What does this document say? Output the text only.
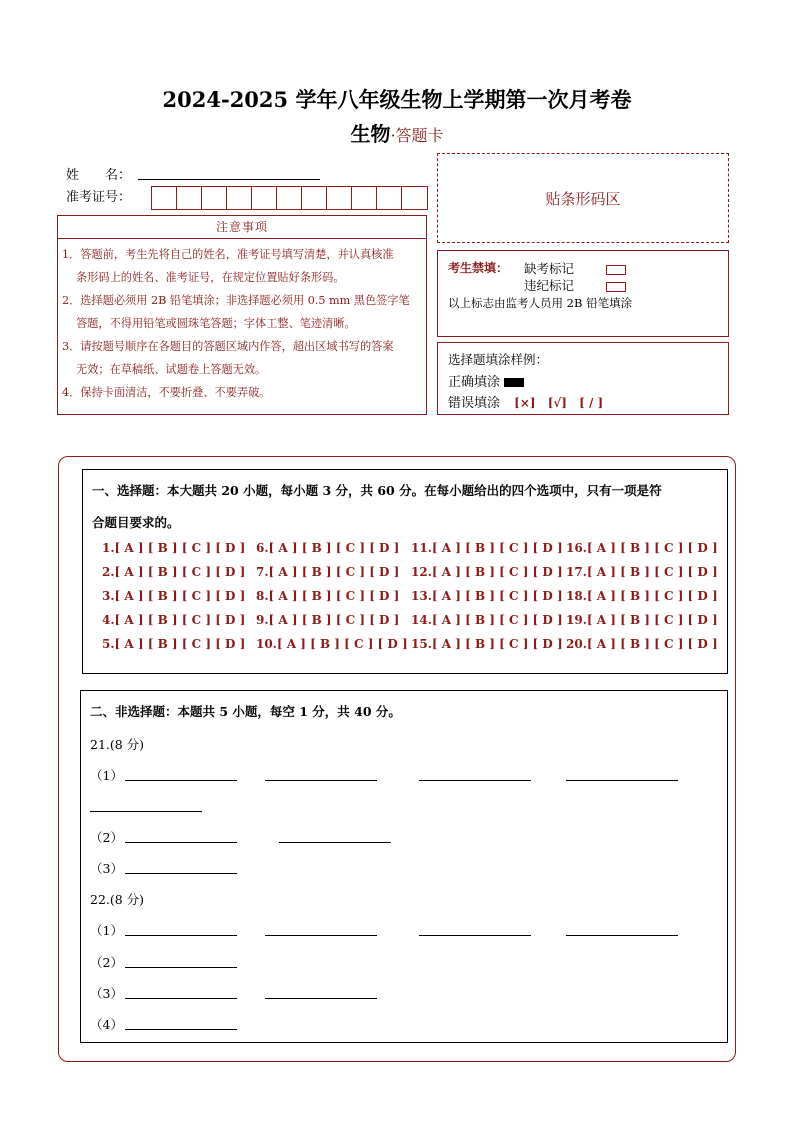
2024-2025 学年八年级生物上学期第一次月考卷
生物·答题卡
姓　　名：
准考证号：
注意事项
1．答题前，考生先将自己的姓名，准考证号填写清楚，并认真核准
条形码上的姓名、准考证号，在规定位置贴好条形码。
2．选择题必须用 2B 铅笔填涂；非选择题必须用 0.5 mm 黑色签字笔
答题，不得用铅笔或圆珠笔答题；字体工整、笔迹清晰。
3．请按题号顺序在各题目的答题区域内作答，超出区域书写的答案
无效；在草稿纸、试题卷上答题无效。
4．保持卡面清洁，不要折叠、不要弄破。
贴条形码区
考生禁填： 缺考标记
违纪标记
以上标志由监考人员用 2B 铅笔填涂
选择题填涂样例：
正确填涂
错误填涂 [×] [√] [ / ]
一、选择题：本大题共 20 小题，每小题 3 分，共 60 分。在每小题给出的四个选项中，只有一项是符
合题目要求的。
1.[ A ] [ B ] [ C ] [ D ]
2.[ A ] [ B ] [ C ] [ D ]
3.[ A ] [ B ] [ C ] [ D ]
4.[ A ] [ B ] [ C ] [ D ]
5.[ A ] [ B ] [ C ] [ D ]
6.[ A ] [ B ] [ C ] [ D ]
7.[ A ] [ B ] [ C ] [ D ]
8.[ A ] [ B ] [ C ] [ D ]
9.[ A ] [ B ] [ C ] [ D ]
10.[ A ] [ B ] [ C ] [ D ]
11.[ A ] [ B ] [ C ] [ D ]
12.[ A ] [ B ] [ C ] [ D ]
13.[ A ] [ B ] [ C ] [ D ]
14.[ A ] [ B ] [ C ] [ D ]
15.[ A ] [ B ] [ C ] [ D ]
16.[ A ] [ B ] [ C ] [ D ]
17.[ A ] [ B ] [ C ] [ D ]
18.[ A ] [ B ] [ C ] [ D ]
19.[ A ] [ B ] [ C ] [ D ]
20.[ A ] [ B ] [ C ] [ D ]
二、非选择题：本题共 5 小题，每空 1 分，共 40 分。
21.(8 分)
（1）
（2）
（3）
22.(8 分)
（1）
（2）
（3）
（4）
